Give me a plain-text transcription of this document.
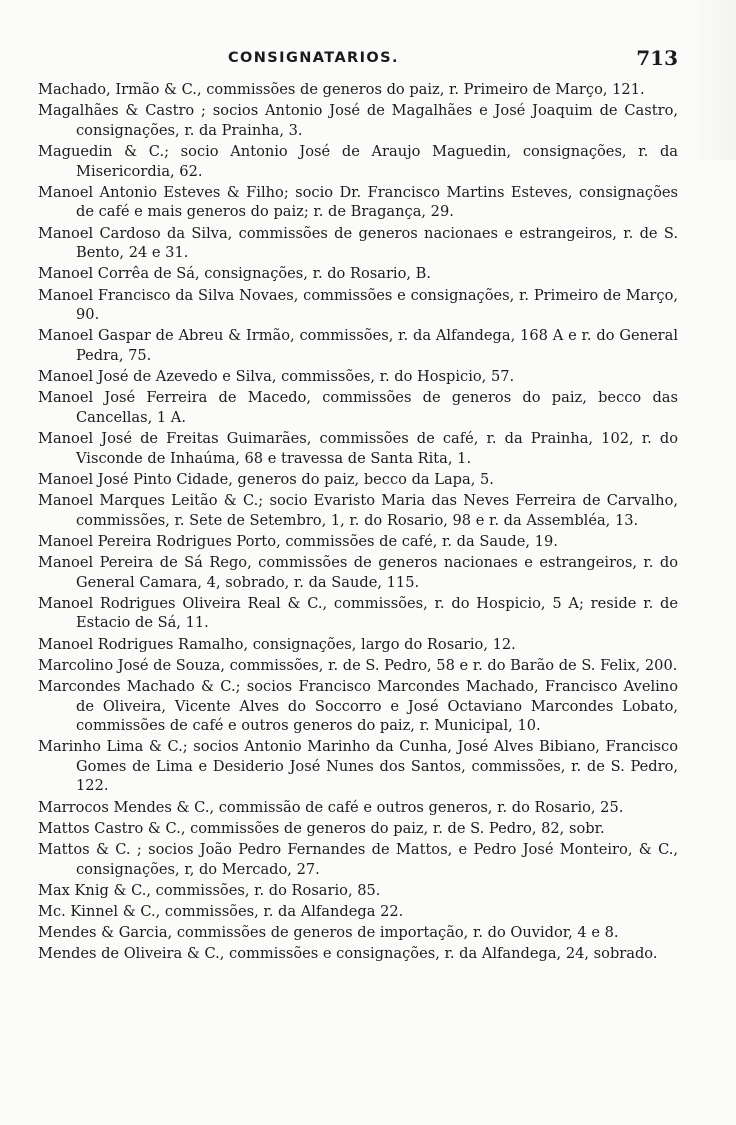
CONSIGNATARIOS.	713
Machado, Irmão & C., commissões de generos do paiz, r. Primeiro de Março, 121.
Magalhães & Castro ; socios Antonio José de Magalhães e José Joaquim de Castro, consignações, r. da Prainha, 3.
Maguedin & C.; socio Antonio José de Araujo Maguedin, consignações, r. da Misericordia, 62.
Manoel Antonio Esteves & Filho; socio Dr. Francisco Martins Esteves, consignações de café e mais generos do paiz; r. de Bragança, 29.
Manoel Cardoso da Silva, commissões de generos nacionaes e estrangeiros, r. de S. Bento, 24 e 31.
Manoel Corrêa de Sá, consignações, r. do Rosario, B.
Manoel Francisco da Silva Novaes, commissões e consignações, r. Primeiro de Março, 90.
Manoel Gaspar de Abreu & Irmão, commissões, r. da Alfandega, 168 A e r. do General Pedra, 75.
Manoel José de Azevedo e Silva, commissões, r. do Hospicio, 57.
Manoel José Ferreira de Macedo, commissões de generos do paiz, becco das Cancellas, 1 A.
Manoel José de Freitas Guimarães, commissões de café, r. da Prainha, 102, r. do Visconde de Inhaúma, 68 e travessa de Santa Rita, 1.
Manoel José Pinto Cidade, generos do paiz, becco da Lapa, 5.
Manoel Marques Leitão & C.; socio Evaristo Maria das Neves Ferreira de Carvalho, commissões, r. Sete de Setembro, 1, r. do Rosario, 98 e r. da Assembléa, 13.
Manoel Pereira Rodrigues Porto, commissões de café, r. da Saude, 19.
Manoel Pereira de Sá Rego, commissões de generos nacionaes e estrangeiros, r. do General Camara, 4, sobrado, r. da Saude, 115.
Manoel Rodrigues Oliveira Real & C., commissões, r. do Hospicio, 5 A; reside r. de Estacio de Sá, 11.
Manoel Rodrigues Ramalho, consignações, largo do Rosario, 12.
Marcolino José de Souza, commissões, r. de S. Pedro, 58 e r. do Barão de S. Felix, 200.
Marcondes Machado & C.; socios Francisco Marcondes Machado, Francisco Avelino de Oliveira, Vicente Alves do Soccorro e José Octaviano Marcondes Lobato, commissões de café e outros generos do paiz, r. Municipal, 10.
Marinho Lima & C.; socios Antonio Marinho da Cunha, José Alves Bibiano, Francisco Gomes de Lima e Desiderio José Nunes dos Santos, commissões, r. de S. Pedro, 122.
Marrocos Mendes & C., commissão de café e outros generos, r. do Rosario, 25.
Mattos Castro & C., commissões de generos do paiz, r. de S. Pedro, 82, sobr.
Mattos & C. ; socios João Pedro Fernandes de Mattos, e Pedro José Monteiro, & C., consignações, r, do Mercado, 27.
Max Knig & C., commissões, r. do Rosario, 85.
Mc. Kinnel & C., commissões, r. da Alfandega 22.
Mendes & Garcia, commissões de generos de importação, r. do Ouvidor, 4 e 8.
Mendes de Oliveira & C., commissões e consignações, r. da Alfandega, 24, sobrado.
